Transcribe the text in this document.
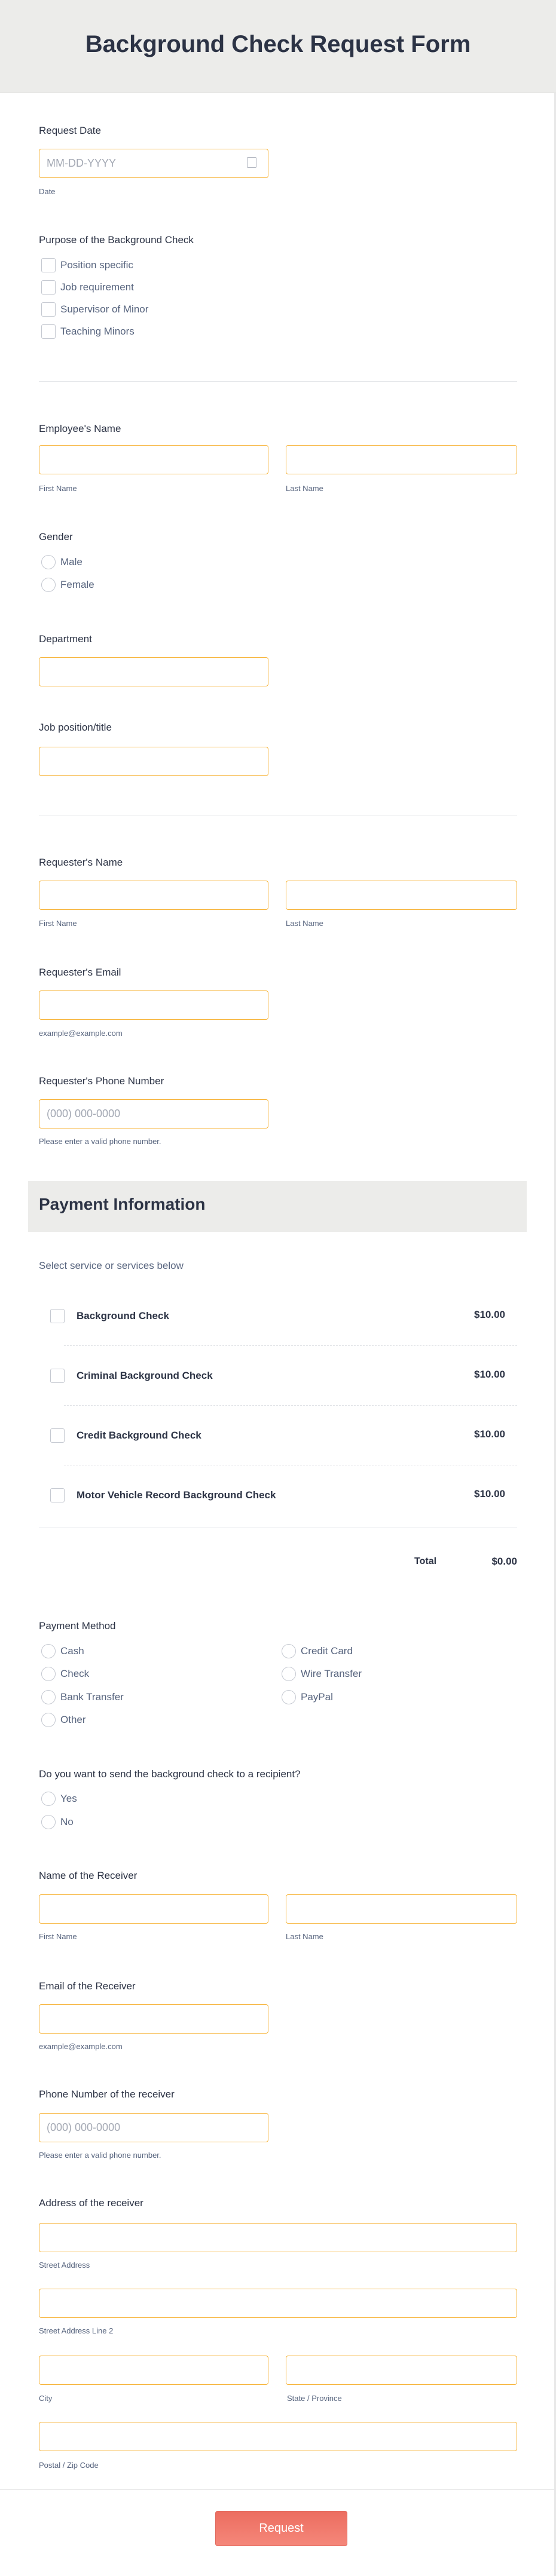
Background Check Request Form
Request Date
MM-DD-YYYY
Date
Purpose of the Background Check
Position specific
Job requirement
Supervisor of Minor
Teaching Minors
Employee's Name
First Name	Last Name
Gender
Male
Female
Department
Job position/title
Requester's Name
First Name	Last Name
Requester's Email
example@example.com
Requester's Phone Number
(000) 000-0000
Please enter a valid phone number.
Payment Information
Select service or services below
Background Check	$10.00
Criminal Background Check	$10.00
Credit Background Check	$10.00
Motor Vehicle Record Background Check	$10.00
Total	$0.00
Payment Method
Cash
Check
Bank Transfer
Other
Credit Card
Wire Transfer
PayPal
Do you want to send the background check to a recipient?
Yes
No
Name of the Receiver
First Name	Last Name
Email of the Receiver
example@example.com
Phone Number of the receiver
(000) 000-0000
Please enter a valid phone number.
Address of the receiver
Street Address
Street Address Line 2
City	State / Province
Postal / Zip Code
Request
